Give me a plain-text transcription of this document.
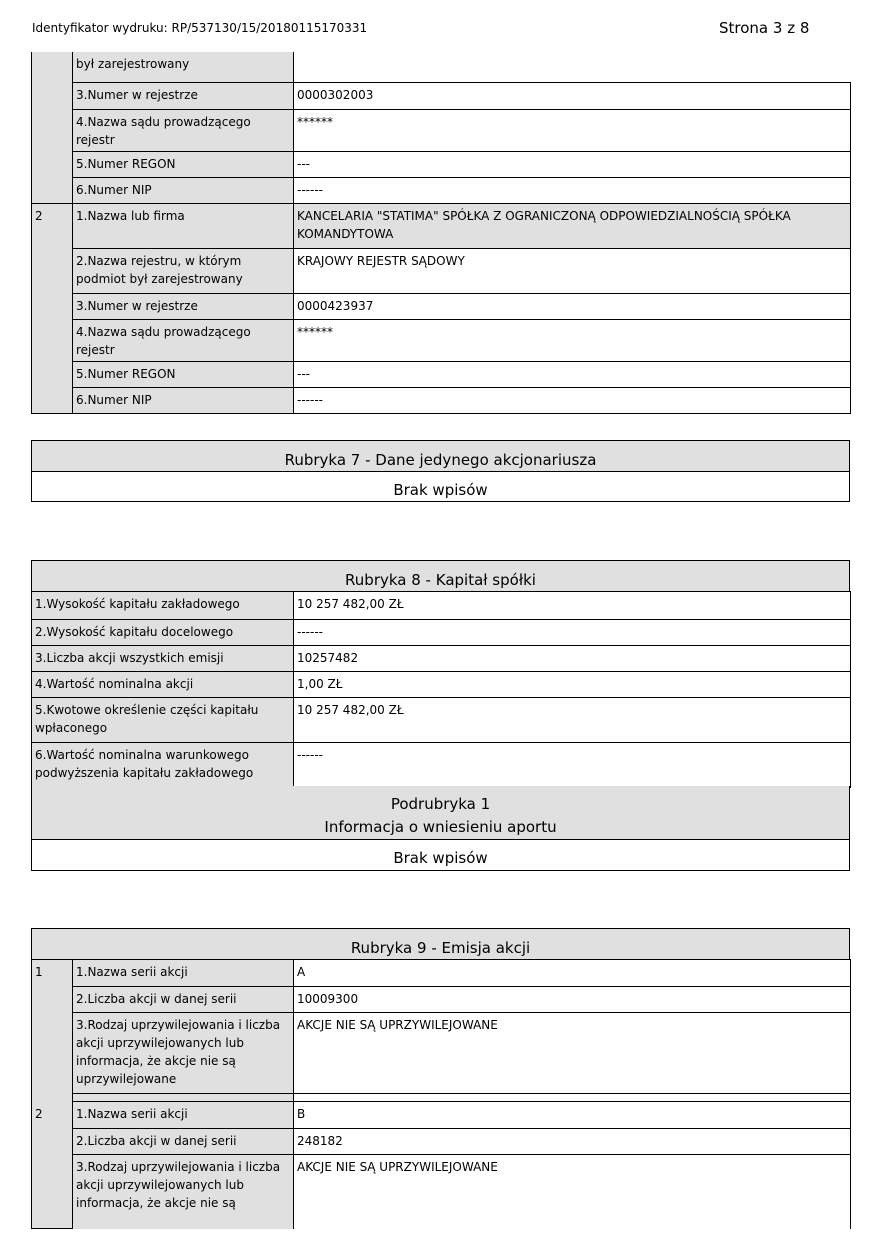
Identyfikator wydruku: RP/537130/15/20180115170331	Strona 3 z 8
	był zarejestrowany	
	3.Numer w rejestrze	0000302003
	4.Nazwa sądu prowadzącego rejestr	******
	5.Numer REGON	---
	6.Numer NIP	------
2	1.Nazwa lub firma	KANCELARIA "STATIMA" SPÓŁKA Z OGRANICZONĄ ODPOWIEDZIALNOŚCIĄ SPÓŁKA KOMANDYTOWA
	2.Nazwa rejestru, w którym podmiot był zarejestrowany	KRAJOWY REJESTR SĄDOWY
	3.Numer w rejestrze	0000423937
	4.Nazwa sądu prowadzącego rejestr	******
	5.Numer REGON	---
	6.Numer NIP	------
Rubryka 7 - Dane jedynego akcjonariusza
Brak wpisów
Rubryka 8 - Kapitał spółki
1.Wysokość kapitału zakładowego	10 257 482,00 ZŁ
2.Wysokość kapitału docelowego	------
3.Liczba akcji wszystkich emisji	10257482
4.Wartość nominalna akcji	1,00 ZŁ
5.Kwotowe określenie części kapitału wpłaconego	10 257 482,00 ZŁ
6.Wartość nominalna warunkowego podwyższenia kapitału zakładowego	------
Podrubryka 1
Informacja o wniesieniu aportu
Brak wpisów
Rubryka 9 - Emisja akcji
1	1.Nazwa serii akcji	A
	2.Liczba akcji w danej serii	10009300
	3.Rodzaj uprzywilejowania i liczba akcji uprzywilejowanych lub informacja, że akcje nie są uprzywilejowane	AKCJE NIE SĄ UPRZYWILEJOWANE

2	1.Nazwa serii akcji	B
	2.Liczba akcji w danej serii	248182
	3.Rodzaj uprzywilejowania i liczba akcji uprzywilejowanych lub informacja, że akcje nie są	AKCJE NIE SĄ UPRZYWILEJOWANE
